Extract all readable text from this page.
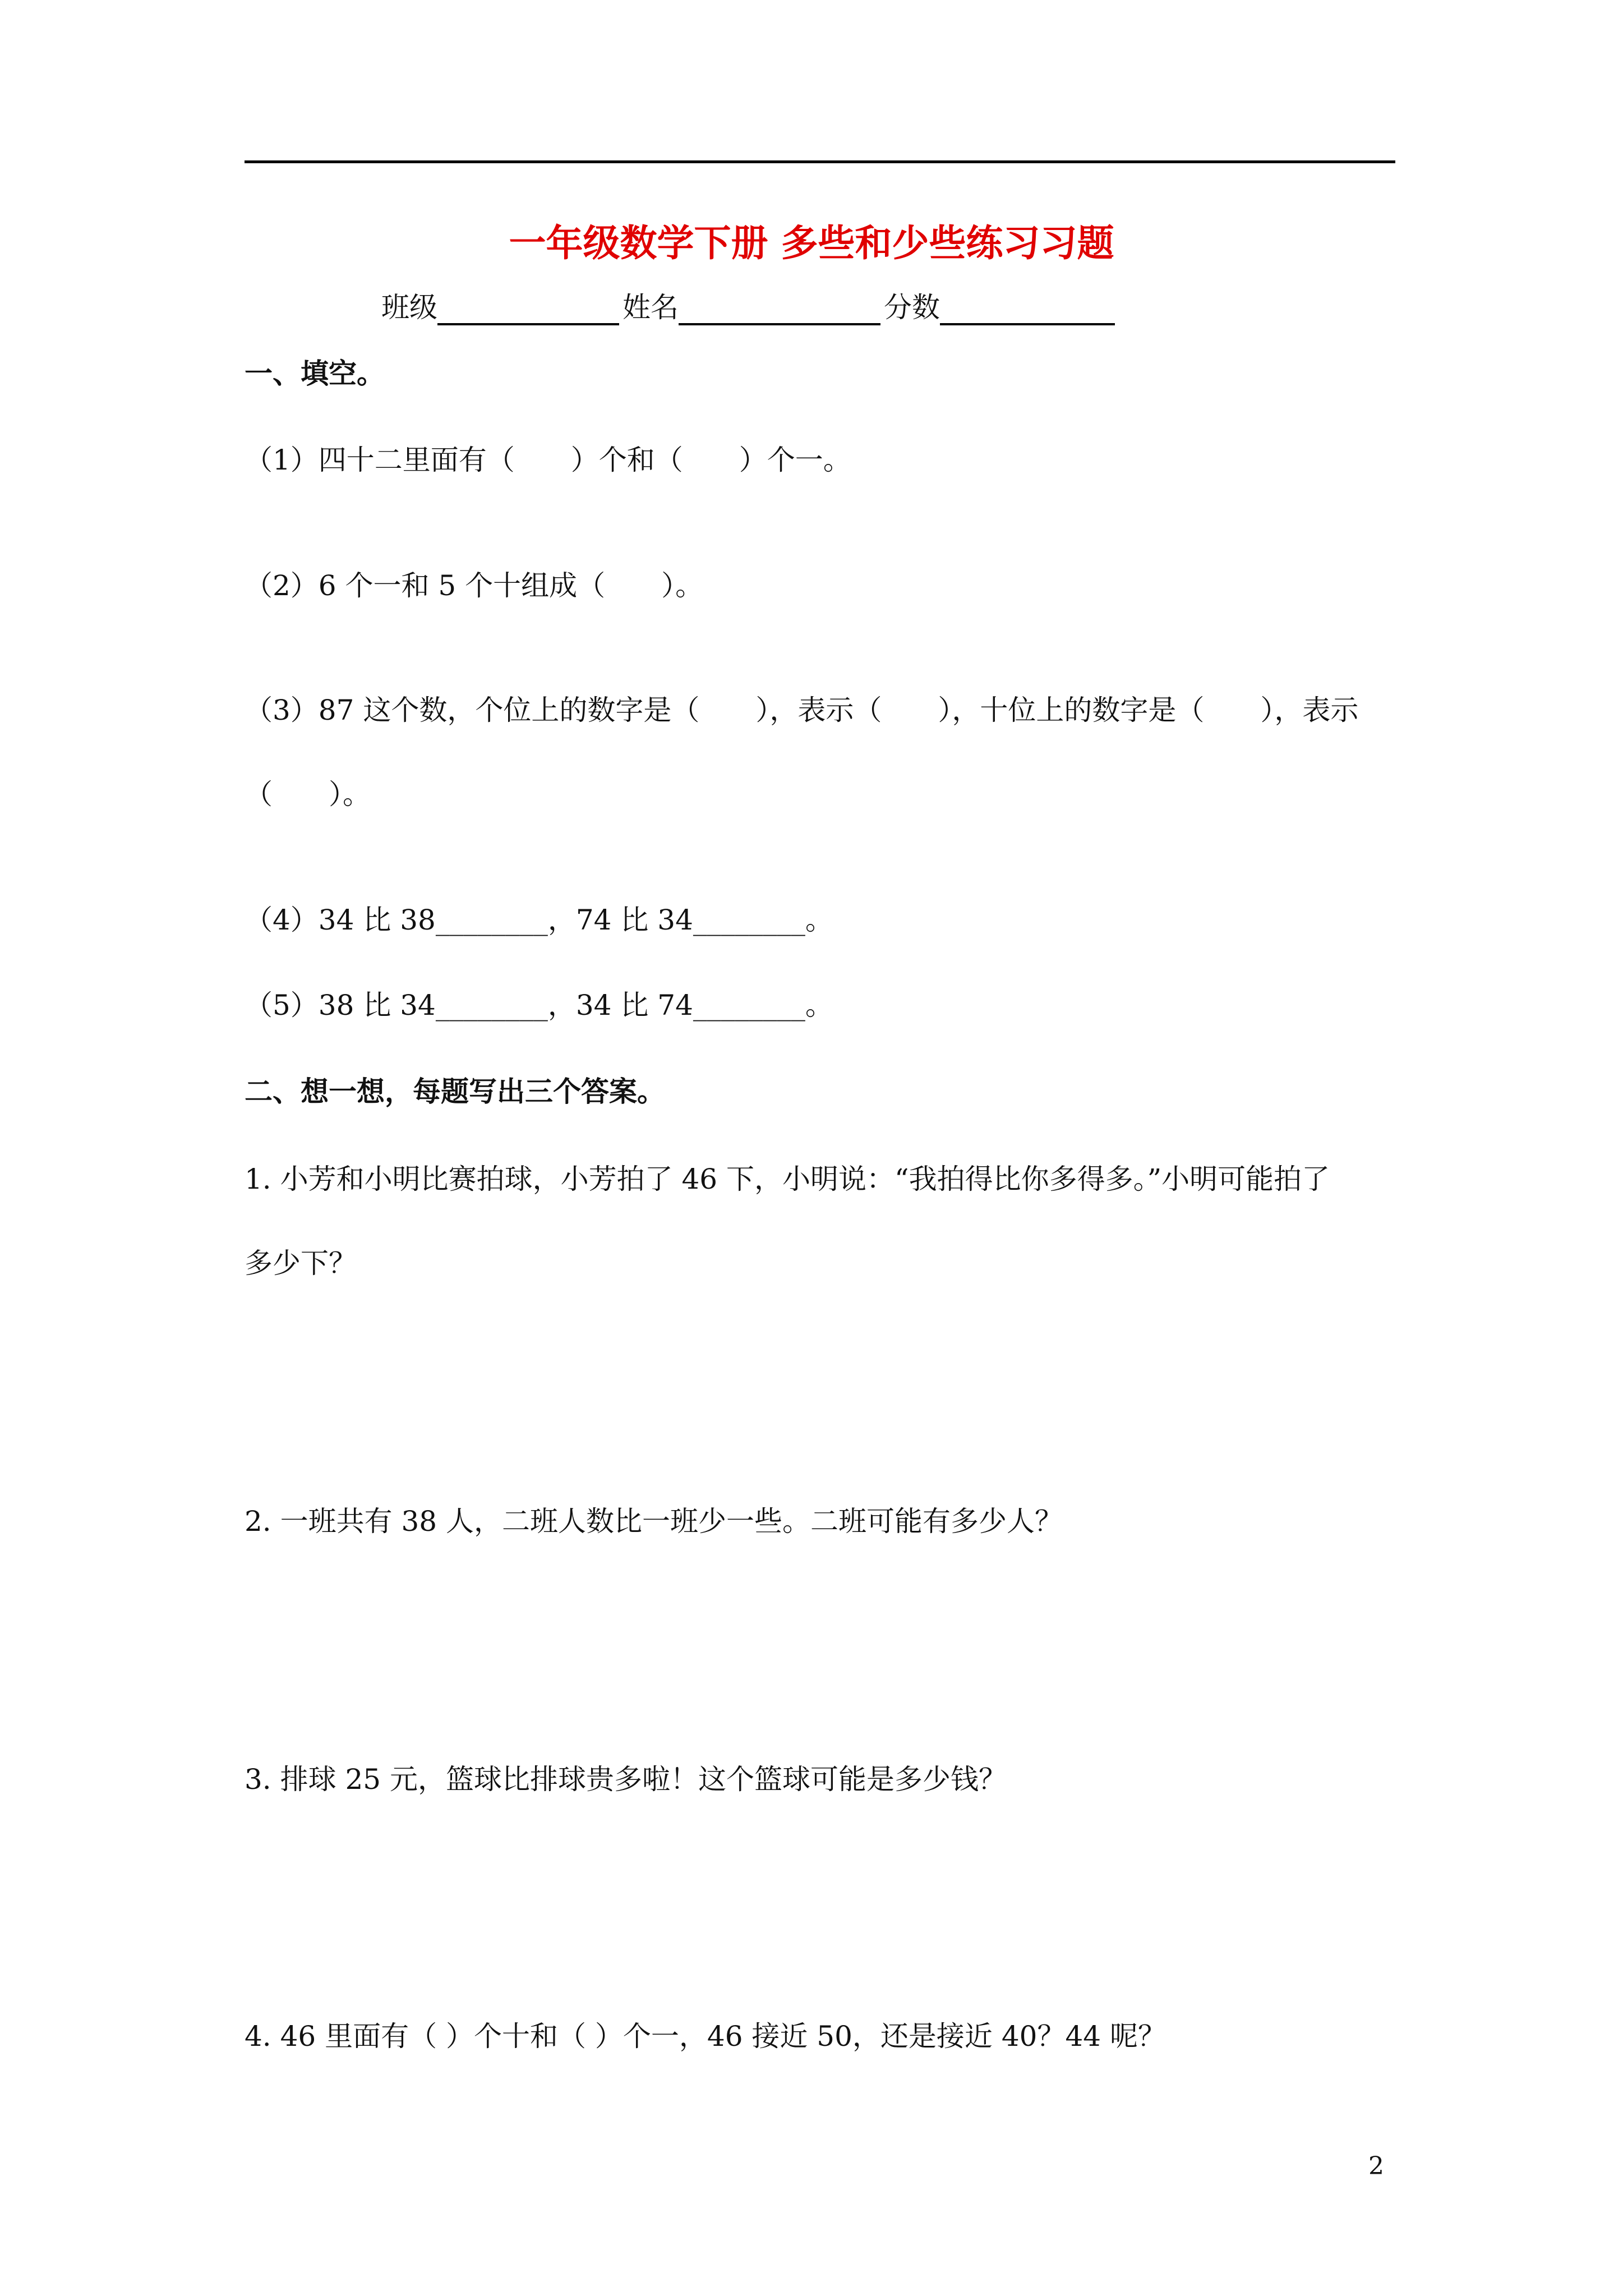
一年级数学下册 多些和少些练习习题
班级	姓名	分数
一、填空。
（1）四十二里面有（　　）个和（　　）个一。
（2）6 个一和 5 个十组成（　　）。
（3）87 这个数，个位上的数字是（　　），表示（　　），十位上的数字是（　　），表示
（　　）。
（4）34 比 38________，74 比 34________。
（5）38 比 34________，34 比 74________。
二、想一想，每题写出三个答案。
1. 小芳和小明比赛拍球，小芳拍了 46 下，小明说：“我拍得比你多得多。”小明可能拍了
多少下？
2. 一班共有 38 人，二班人数比一班少一些。二班可能有多少人？
3. 排球 25 元，篮球比排球贵多啦！这个篮球可能是多少钱？
4. 46 里面有（ ）个十和（ ）个一，46 接近 50，还是接近 40？44 呢？
2
